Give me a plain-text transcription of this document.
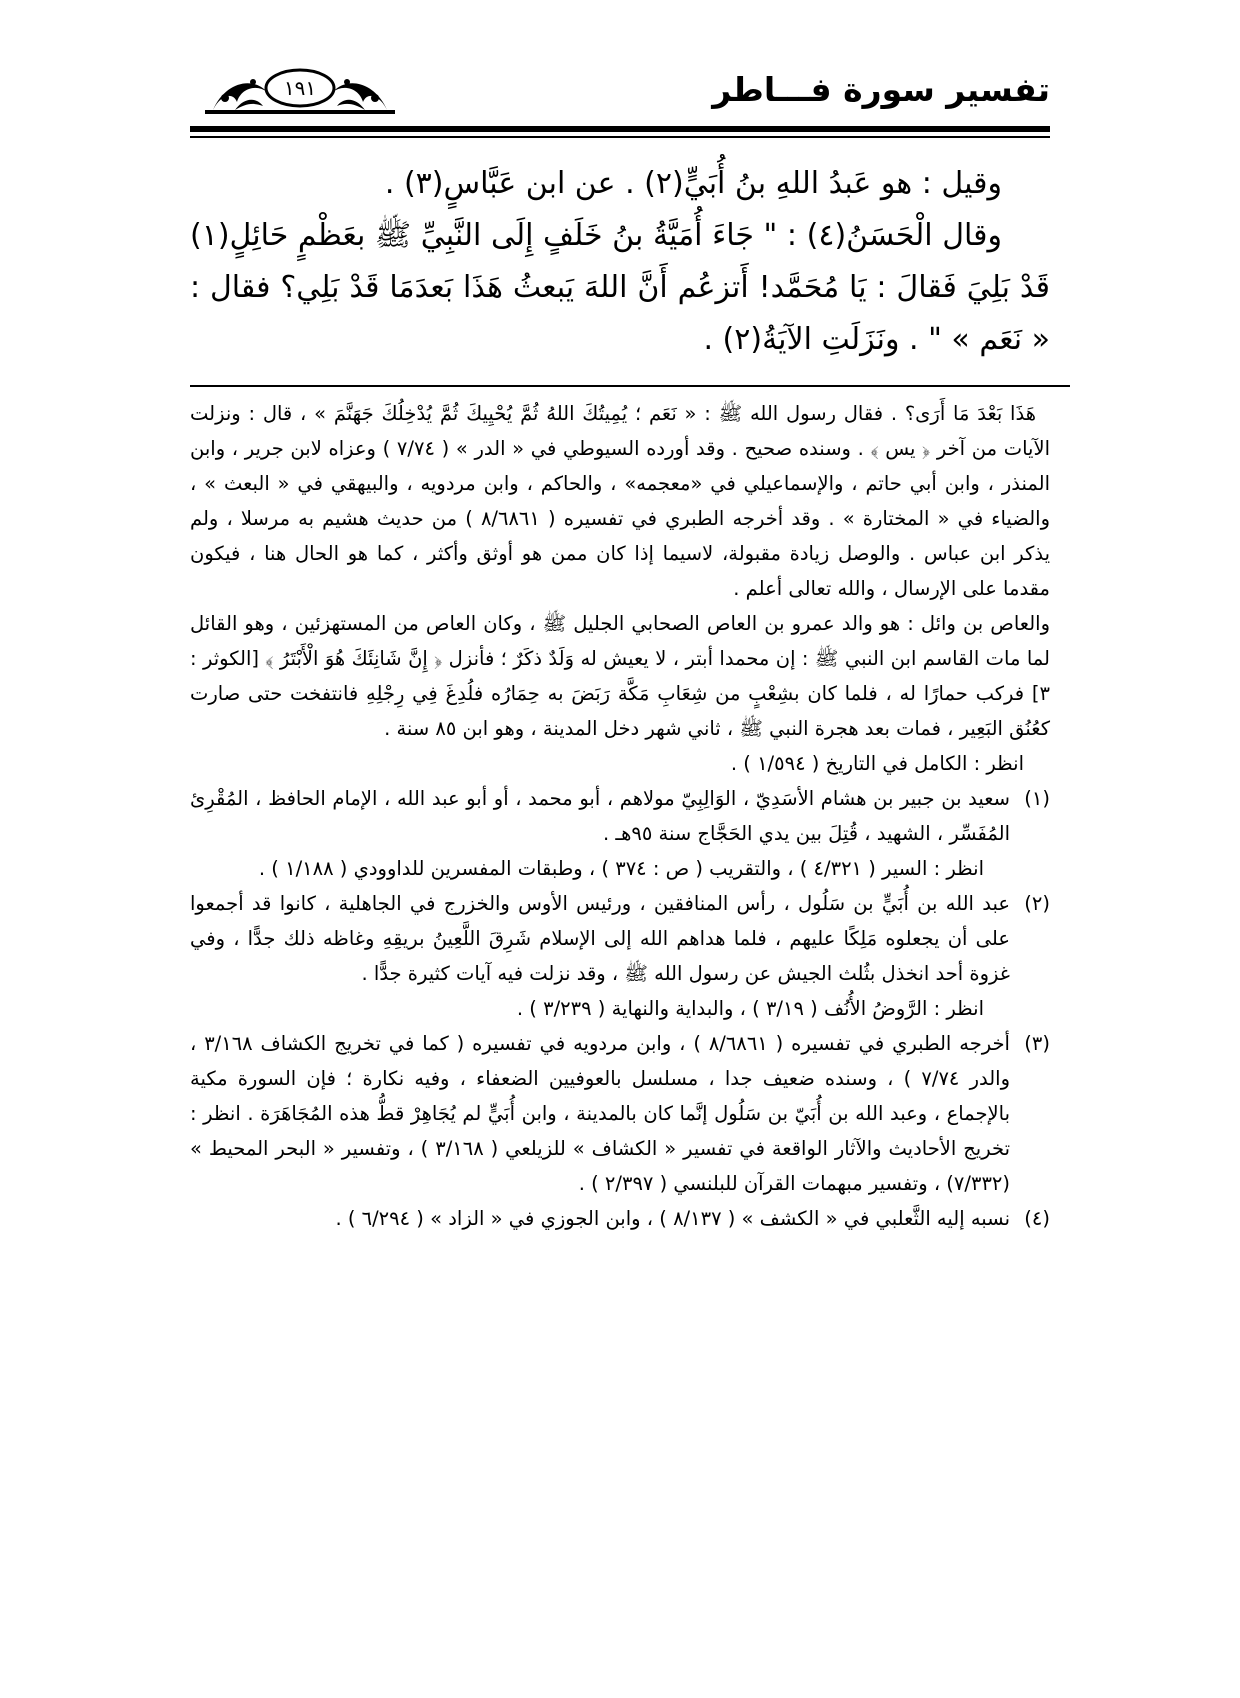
تفسير سورة فـــاطر
١٩١

وقيل : هو عَبدُ اللهِ بنُ أُبَيٍّ(٢) . عن ابن عَبَّاسٍ(٣) .

وقال الْحَسَنُ(٤) : " جَاءَ أُمَيَّةُ بنُ خَلَفٍ إِلَى النَّبِيِّ ﷺ بعَظْمٍ حَائِلٍ(١) قَدْ بَلِيَ فَقالَ : يَا مُحَمَّد! أَتزعُم أَنَّ اللهَ يَبعثُ هَذَا بَعدَمَا قَدْ بَلِي؟ فقال : « نَعَم » " . ونَزَلَتِ الآيَةُ(٢) .

هَذَا بَعْدَ مَا أَرَى؟ . فقال رسول الله ﷺ : « نَعَم ؛ يُمِيتُكَ اللهُ ثُمَّ يُحْيِيكَ ثُمَّ يُدْخِلُكَ جَهَنَّمَ » ، قال : ونزلت الآيات من آخر ﴿ يس ﴾ . وسنده صحيح . وقد أورده السيوطي في « الدر » ( ٧/٧٤ ) وعزاه لابن جرير ، وابن المنذر ، وابن أبي حاتم ، والإسماعيلي في «معجمه» ، والحاكم ، وابن مردويه ، والبيهقي في « البعث » ، والضياء في « المختارة » . وقد أخرجه الطبري في تفسيره ( ٨/٦٨٦١ ) من حديث هشيم به مرسلا ، ولم يذكر ابن عباس . والوصل زيادة مقبولة، لاسيما إذا كان ممن هو أوثق وأكثر ، كما هو الحال هنا ، فيكون مقدما على الإرسال ، والله تعالى أعلم .

والعاص بن وائل : هو والد عمرو بن العاص الصحابي الجليل ﷺ ، وكان العاص من المستهزئين ، وهو القائل لما مات القاسم ابن النبي ﷺ : إن محمدا أبتر ، لا يعيش له وَلَدٌ ذكَرٌ ؛ فأنزل ﴿ إِنَّ شَانِئَكَ هُوَ الْأَبْتَرُ ﴾ [الكوثر : ٣] فركب حمارًا له ، فلما كان بشِعْبٍ من شِعَابِ مَكَّة رَبَضَ به حِمَارُه فلُدِغَ فِي رِجْلِهِ فانتفخت حتى صارت كعُنُق البَعِير ، فمات بعد هجرة النبي ﷺ ، ثاني شهر دخل المدينة ، وهو ابن ٨٥ سنة .

انظر : الكامل في التاريخ ( ١/٥٩٤ ) .

(١)

سعيد بن جبير بن هشام الأسَدِيّ ، الوَالِبِيّ مولاهم ، أبو محمد ، أو أبو عبد الله ، الإمام الحافظ ، المُقْرِئ المُفَسِّر ، الشهيد ، قُتِلَ بين يدي الحَجَّاج سنة ٩٥هـ .

انظر : السير ( ٤/٣٢١ ) ، والتقريب ( ص : ٣٧٤ ) ، وطبقات المفسرين للداوودي ( ١/١٨٨ ) .

(٢)

عبد الله بن أُبَيٍّ بن سَلُول ، رأس المنافقين ، ورئيس الأوس والخزرج في الجاهلية ، كانوا قد أجمعوا على أن يجعلوه مَلِكًا عليهم ، فلما هداهم الله إلى الإسلام شَرِقَ اللَّعِينُ بريقِهِ وغاظه ذلك جدًّا ، وفي غزوة أحد انخذل بثُلث الجيش عن رسول الله ﷺ ، وقد نزلت فيه آيات كثيرة جدًّا .

انظر : الرَّوضُ الأُنُف ( ٣/١٩ ) ، والبداية والنهاية ( ٣/٢٣٩ ) .

(٣)

أخرجه الطبري في تفسيره ( ٨/٦٨٦١ ) ، وابن مردويه في تفسيره ( كما في تخريج الكشاف ٣/١٦٨ ، والدر ٧/٧٤ ) ، وسنده ضعيف جدا ، مسلسل بالعوفيين الضعفاء ، وفيه نكارة ؛ فإن السورة مكية بالإجماع ، وعبد الله بن أُبَيّ بن سَلُول إنَّما كان بالمدينة ، وابن أُبَيٍّ لم يُجَاهِرْ قطُّ هذه المُجَاهَرَة . انظر : تخريج الأحاديث والآثار الواقعة في تفسير « الكشاف » للزيلعي ( ٣/١٦٨ ) ، وتفسير « البحر المحيط » (٧/٣٣٢) ، وتفسير مبهمات القرآن للبلنسي ( ٢/٣٩٧ ) .

(٤)

نسبه إليه الثَّعلبي في « الكشف » ( ٨/١٣٧ ) ، وابن الجوزي في « الزاد » ( ٦/٢٩٤ ) .
